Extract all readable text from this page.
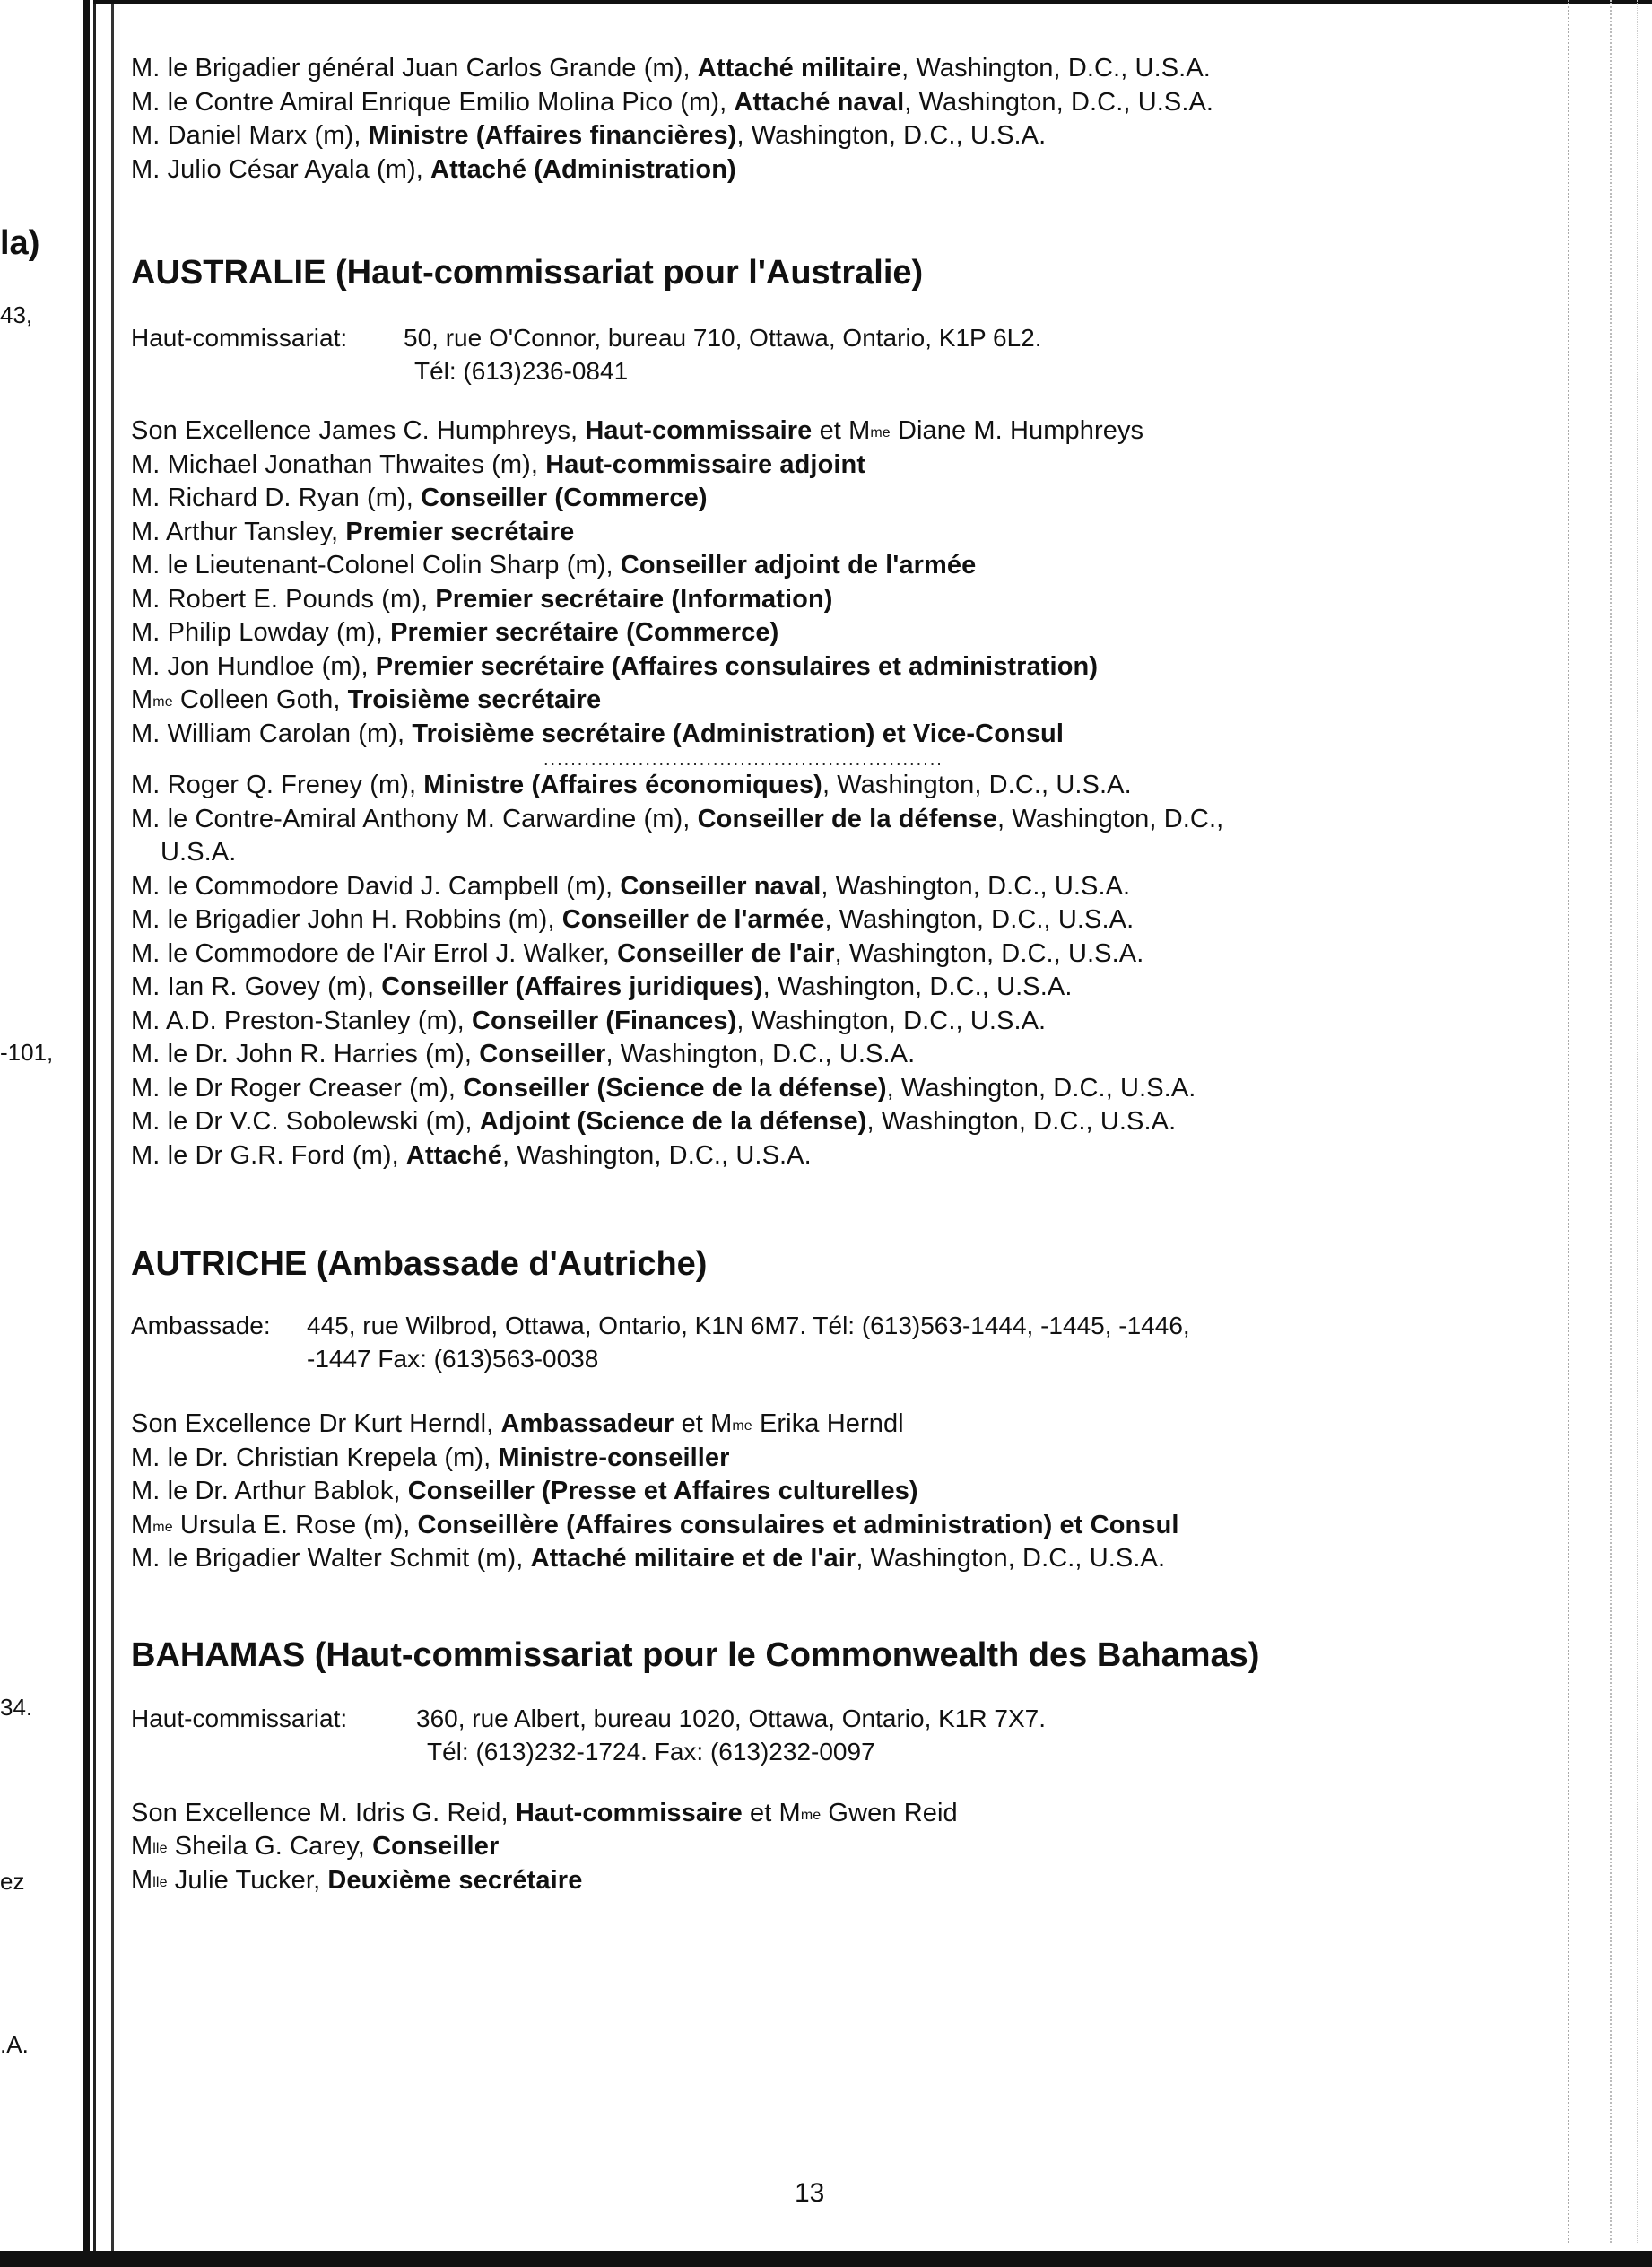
la)
43,
-101,
34.
ez
.A.
M. le Brigadier général Juan Carlos Grande (m), Attaché militaire, Washington, D.C., U.S.A.
M. le Contre Amiral Enrique Emilio Molina Pico (m), Attaché naval, Washington, D.C., U.S.A.
M. Daniel Marx (m), Ministre (Affaires financières), Washington, D.C., U.S.A.
M. Julio César Ayala (m), Attaché (Administration)
AUSTRALIE (Haut-commissariat pour l'Australie)
Haut-commissariat:	50, rue O'Connor, bureau 710, Ottawa, Ontario, K1P 6L2.
Tél: (613)236-0841
Son Excellence James C. Humphreys, Haut-commissaire et $M^{me}$ Diane M. Humphreys
M. Michael Jonathan Thwaites (m), Haut-commissaire adjoint
M. Richard D. Ryan (m), Conseiller (Commerce)
M. Arthur Tansley, Premier secrétaire
M. le Lieutenant-Colonel Colin Sharp (m), Conseiller adjoint de l'armée
M. Robert E. Pounds (m), Premier secrétaire (Information)
M. Philip Lowday (m), Premier secrétaire (Commerce)
M. Jon Hundloe (m), Premier secrétaire (Affaires consulaires et administration)
$M^{me}$ Colleen Goth, Troisième secrétaire
M. William Carolan (m), Troisième secrétaire (Administration) et Vice-Consul
...........................................................
M. Roger Q. Freney (m), Ministre (Affaires économiques), Washington, D.C., U.S.A.
M. le Contre-Amiral Anthony M. Carwardine (m), Conseiller de la défense, Washington, D.C.,
U.S.A.
M. le Commodore David J. Campbell (m), Conseiller naval, Washington, D.C., U.S.A.
M. le Brigadier John H. Robbins (m), Conseiller de l'armée, Washington, D.C., U.S.A.
M. le Commodore de l'Air Errol J. Walker, Conseiller de l'air, Washington, D.C., U.S.A.
M. Ian R. Govey (m), Conseiller (Affaires juridiques), Washington, D.C., U.S.A.
M. A.D. Preston-Stanley (m), Conseiller (Finances), Washington, D.C., U.S.A.
M. le Dr. John R. Harries (m), Conseiller, Washington, D.C., U.S.A.
M. le Dr Roger Creaser (m), Conseiller (Science de la défense), Washington, D.C., U.S.A.
M. le Dr V.C. Sobolewski (m), Adjoint (Science de la défense), Washington, D.C., U.S.A.
M. le Dr G.R. Ford (m), Attaché, Washington, D.C., U.S.A.
AUTRICHE (Ambassade d'Autriche)
Ambassade:	445, rue Wilbrod, Ottawa, Ontario, K1N 6M7. Tél: (613)563-1444, -1445, -1446,
-1447 Fax: (613)563-0038
Son Excellence Dr Kurt Herndl, Ambassadeur et $M^{me}$ Erika Herndl
M. le Dr. Christian Krepela (m), Ministre-conseiller
M. le Dr. Arthur Bablok, Conseiller (Presse et Affaires culturelles)
$M^{me}$ Ursula E. Rose (m), Conseillère (Affaires consulaires et administration) et Consul
M. le Brigadier Walter Schmit (m), Attaché militaire et de l'air, Washington, D.C., U.S.A.
BAHAMAS (Haut-commissariat pour le Commonwealth des Bahamas)
Haut-commissariat:	360, rue Albert, bureau 1020, Ottawa, Ontario, K1R 7X7.
Tél: (613)232-1724. Fax: (613)232-0097
Son Excellence M. Idris G. Reid, Haut-commissaire et $M^{me}$ Gwen Reid
$M^{lle}$ Sheila G. Carey, Conseiller
$M^{lle}$ Julie Tucker, Deuxième secrétaire
13
